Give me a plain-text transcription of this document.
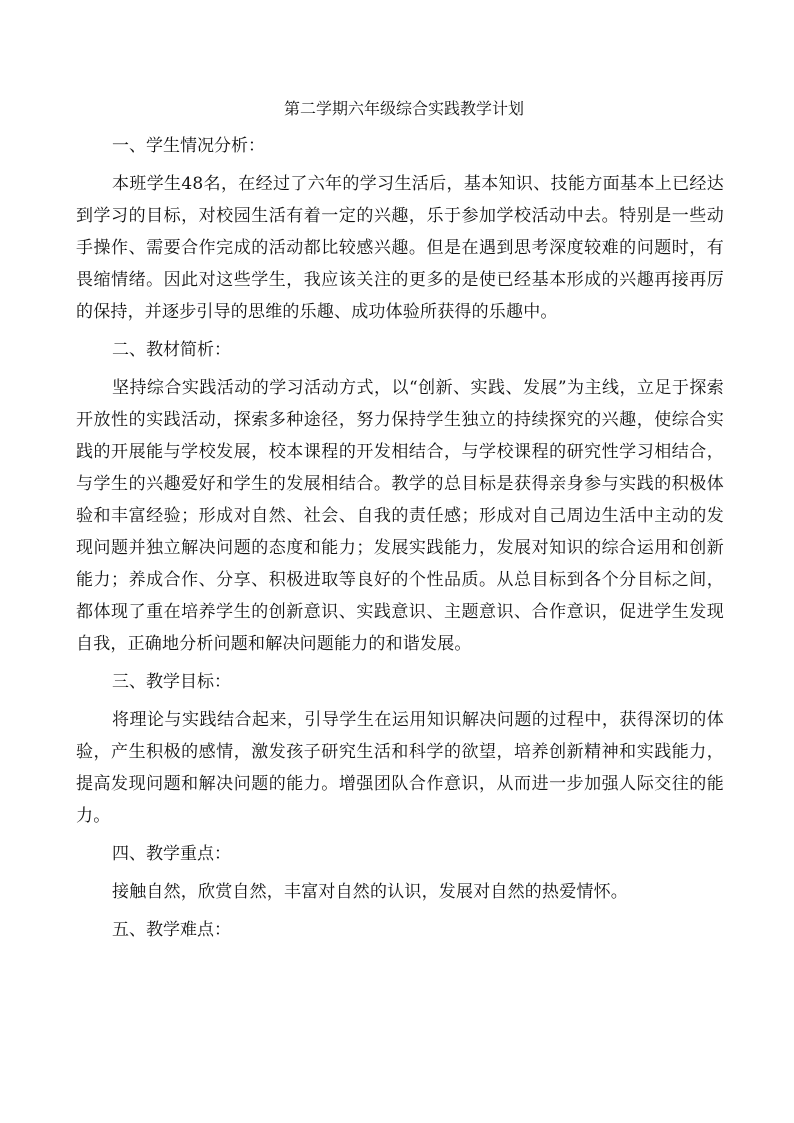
第二学期六年级综合实践教学计划
一、学生情况分析：
本班学生48名，在经过了六年的学习生活后，基本知识、技能方面基本上已经达到学习的目标，对校园生活有着一定的兴趣，乐于参加学校活动中去。特别是一些动手操作、需要合作完成的活动都比较感兴趣。但是在遇到思考深度较难的问题时，有畏缩情绪。因此对这些学生，我应该关注的更多的是使已经基本形成的兴趣再接再厉的保持，并逐步引导的思维的乐趣、成功体验所获得的乐趣中。
二、教材简析：
坚持综合实践活动的学习活动方式，以“创新、实践、发展”为主线，立足于探索开放性的实践活动，探索多种途径，努力保持学生独立的持续探究的兴趣，使综合实践的开展能与学校发展，校本课程的开发相结合，与学校课程的研究性学习相结合，与学生的兴趣爱好和学生的发展相结合。教学的总目标是获得亲身参与实践的积极体验和丰富经验；形成对自然、社会、自我的责任感；形成对自己周边生活中主动的发现问题并独立解决问题的态度和能力；发展实践能力，发展对知识的综合运用和创新能力；养成合作、分享、积极进取等良好的个性品质。从总目标到各个分目标之间，都体现了重在培养学生的创新意识、实践意识、主题意识、合作意识，促进学生发现自我，正确地分析问题和解决问题能力的和谐发展。
三、教学目标：
将理论与实践结合起来，引导学生在运用知识解决问题的过程中，获得深切的体验，产生积极的感情，激发孩子研究生活和科学的欲望，培养创新精神和实践能力，提高发现问题和解决问题的能力。增强团队合作意识，从而进一步加强人际交往的能力。
四、教学重点：
接触自然，欣赏自然，丰富对自然的认识，发展对自然的热爱情怀。
五、教学难点：
